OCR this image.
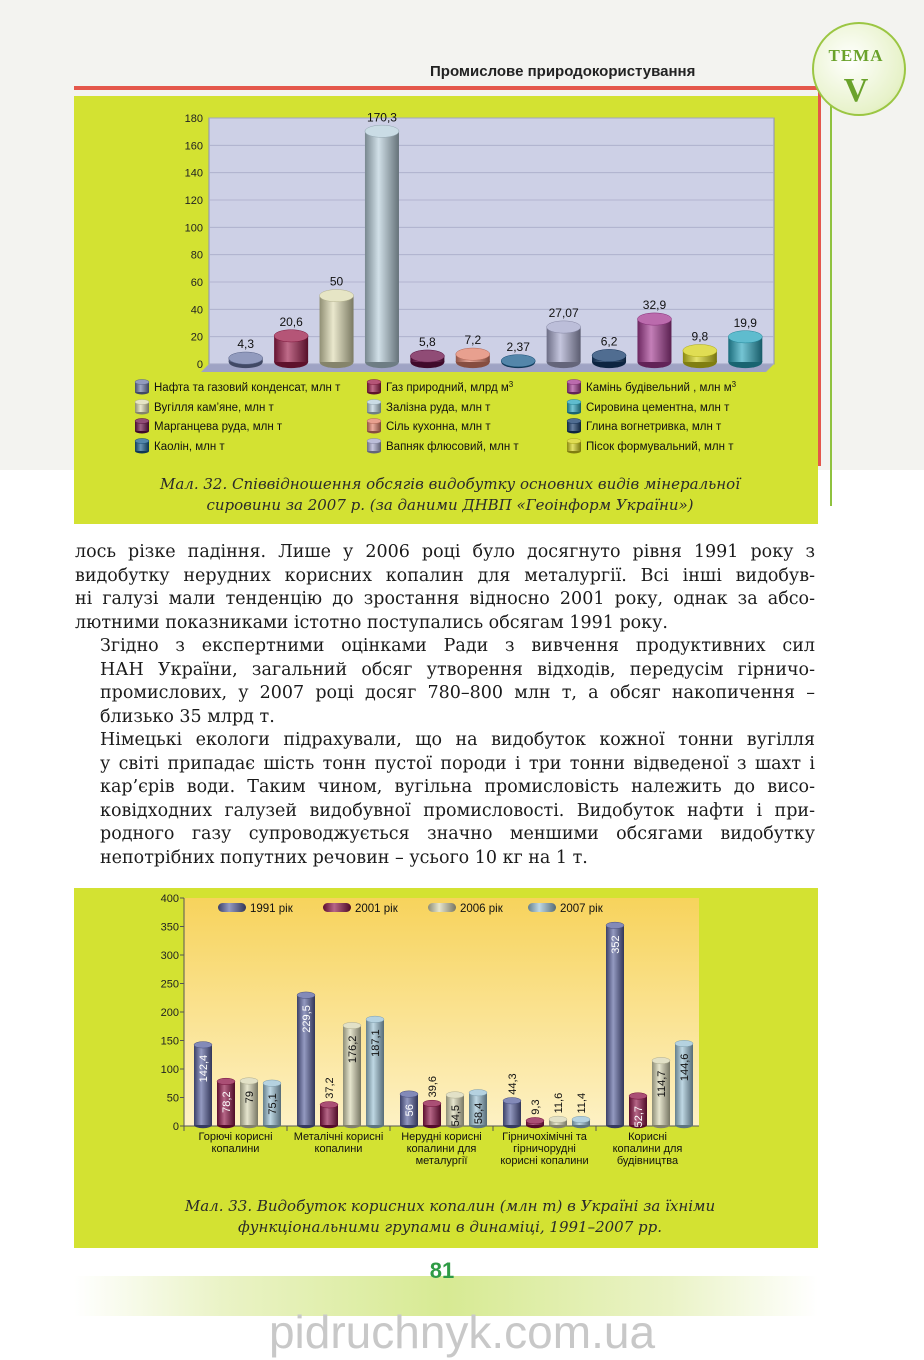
Промислове природокористування
ТЕМА
V
0
20
40
60
80
100
120
140
160
180
4,3
20,6
50
170,3
5,8 7,2 2,37
27,07
6,2
32,9
9,8
19,9
Нафта та газовий конденсат, млн т	Газ природний, млрд $м^3$	Камінь будівельний , млн $м^3$
Вугілля кам’яне, млн т	Залізна руда, млн т	Сировина цементна, млн т
Марганцева руда, млн т	Сіль кухонна, млн т	Глина вогнетривка, млн т
Каолін, млн т	Вапняк флюсовий, млн т	Пісок формувальний, млн т
Мал. 32. Співвідношення обсягів видобутку основних видів мінеральної
сировини за 2007 р. (за даними ДНВП «Геоінформ України»)

лось різке падіння. Лише у 2006 році було досягнуто рівня 1991 року з
видобутку нерудних корисних копалин для металургії. Всі інші видобув-
ні галузі мали тенденцію до зростання відносно 2001 року, однак за абсо-
лютними показниками істотно поступались обсягам 1991 року.

Згідно з експертними оцінками Ради з вивчення продуктивних сил
НАН України, загальний обсяг утворення відходів, передусім гірничо-
промислових, у 2007 році досяг 780–800 млн т, а обсяг накопичення –
близько 35 млрд т.

Німецькі екологи підрахували, що на видобуток кожної тонни вугілля
у світі припадає шість тонн пустої породи і три тонни відведеної з шахт і
кар’єрів води. Таким чином, вугільна промисловість належить до висо-
ковідходних галузей видобувної промисловості. Видобуток нафти і при-
родного газу супроводжується значно меншими обсягами видобутку
непотрібних попутних речовин – усього 10 кг на 1 т.

0
50
100
150
200
250
300
350
400
142,4
78,2 79 75,1
Горючі корисні
копалини
229,5
37,2
176,2 187,1
Металічні корисні
копалини
56
39,6
54,5 58,4
Нерудні корисні
копалини для
металургії
44,3
9,3 11,6 11,4
Гірничохімічні та
гірничорудні
корисні копалини
352
52,7
114,7
144,6
Корисні
копалини для
будівництва
1991 рік	2001 рік	2006 рік	2007 рік
Мал. 33. Видобуток корисних копалин (млн т) в Україні за їхніми
функціональними групами в динаміці, 1991–2007 рр.
81
pidruchnyk.com.ua
